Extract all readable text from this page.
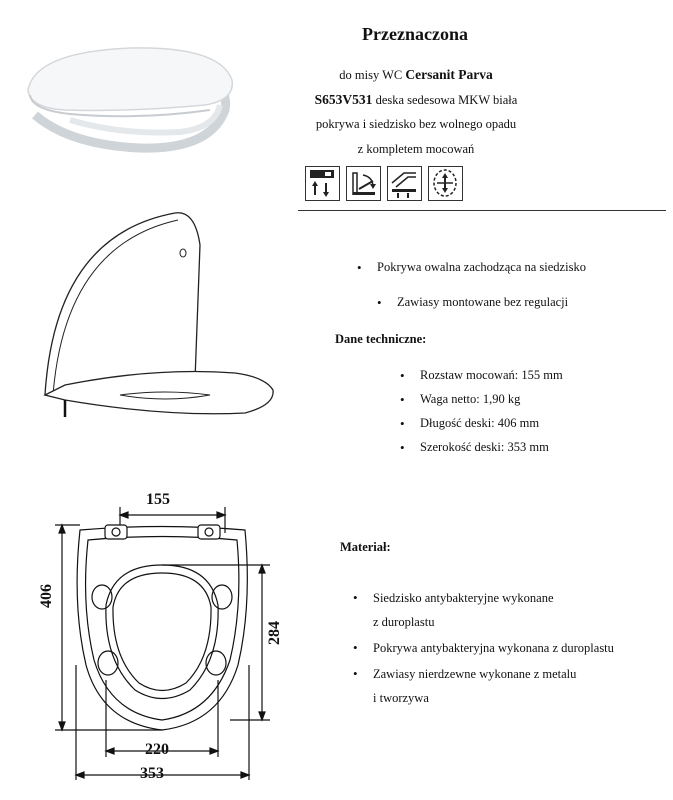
155
406
284
220
353
Przeznaczona
do misy WC Cersanit Parva
S653V531 deska sedesowa MKW biała
pokrywa i siedzisko bez wolnego opadu
z kompletem mocowań
• Pokrywa owalna zachodząca na siedzisko
• Zawiasy montowane bez regulacji
Dane techniczne:
• Rozstaw mocowań: 155 mm
• Waga netto: 1,90 kg
• Długość deski: 406 mm
• Szerokość deski: 353 mm
Materiał:
• Siedzisko antybakteryjne wykonane
z duroplastu
• Pokrywa antybakteryjna wykonana z duroplastu
• Zawiasy nierdzewne wykonane z metalu
i tworzywa
